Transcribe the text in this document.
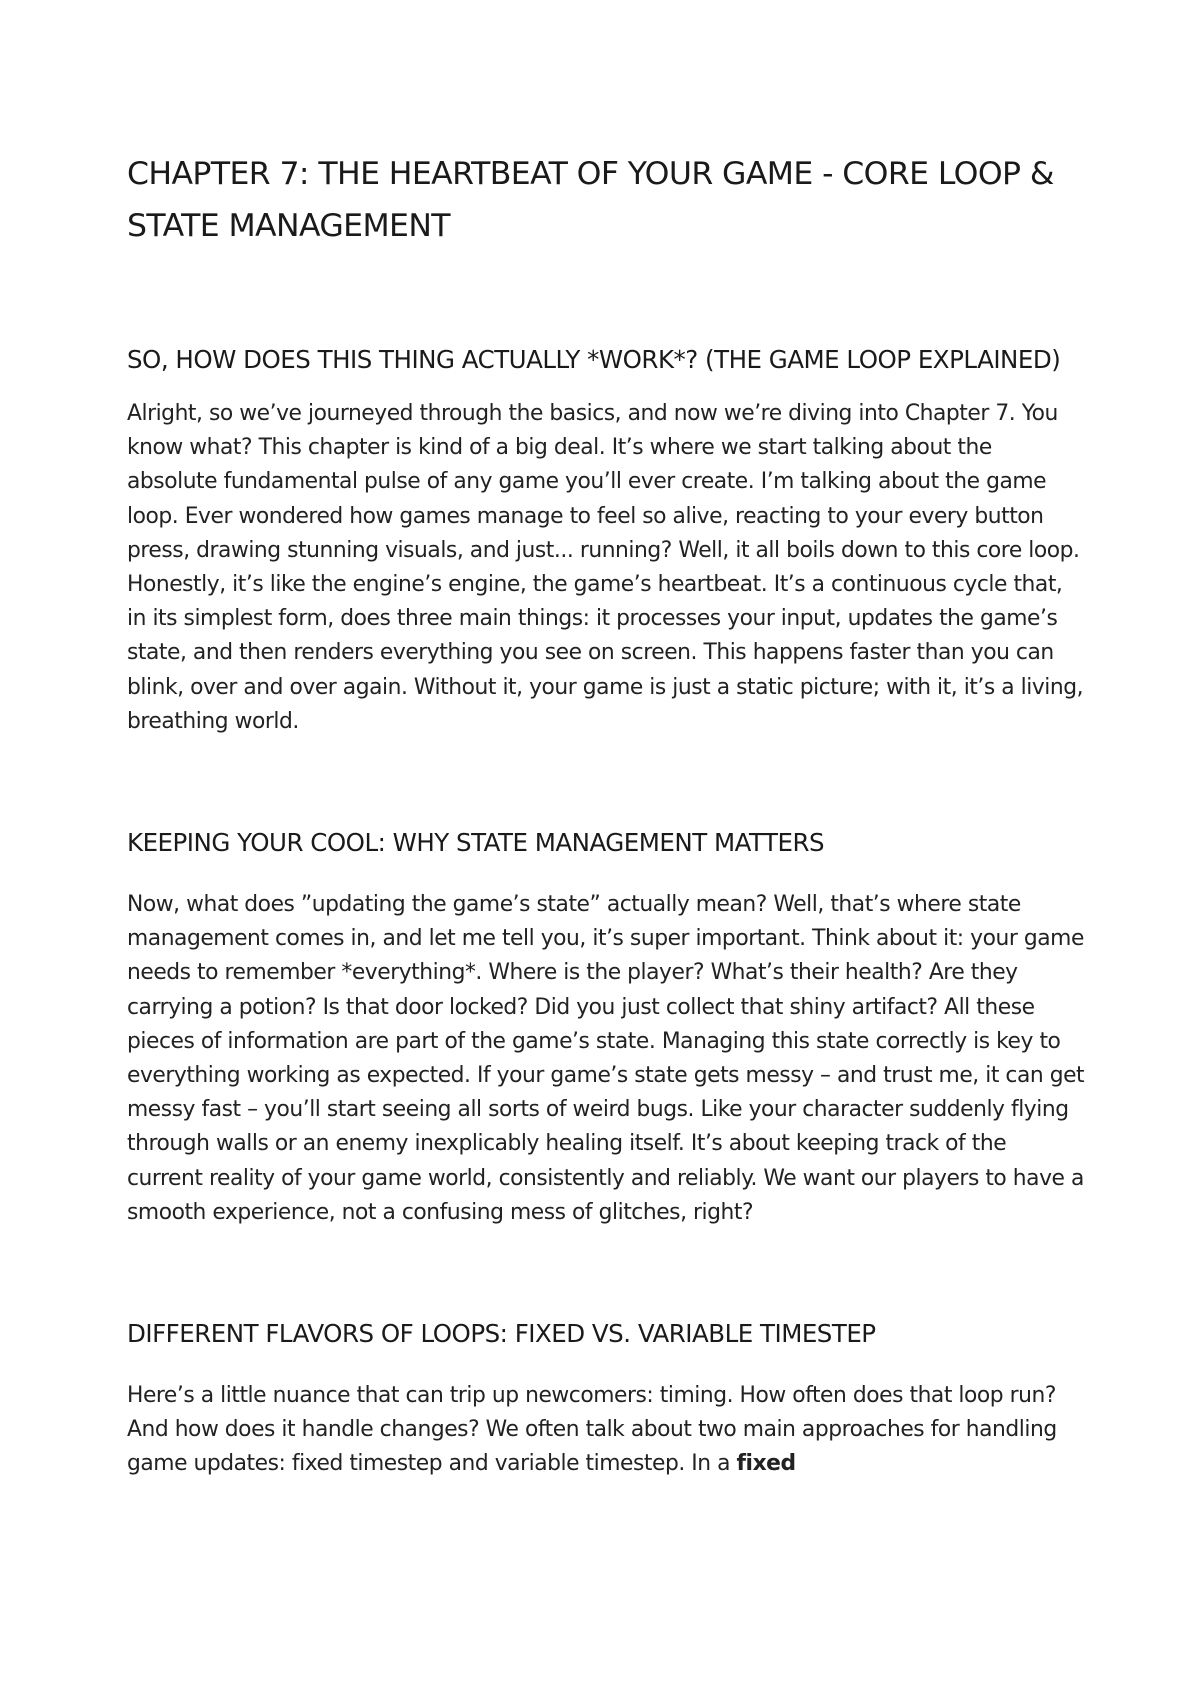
CHAPTER 7: THE HEARTBEAT OF YOUR GAME - CORE LOOP & STATE MANAGEMENT
SO, HOW DOES THIS THING ACTUALLY *WORK*? (THE GAME LOOP EXPLAINED)

Alright, so we’ve journeyed through the basics, and now we’re diving into Chapter 7. You know what? This chapter is kind of a big deal. It’s where we start talking about the absolute fundamental pulse of any game you’ll ever create. I’m talking about the game loop. Ever wondered how games manage to feel so alive, reacting to your every button press, drawing stunning visuals, and just... running? Well, it all boils down to this core loop. Honestly, it’s like the engine’s engine, the game’s heartbeat. It’s a continuous cycle that, in its simplest form, does three main things: it processes your input, updates the game’s state, and then renders everything you see on screen. This happens faster than you can blink, over and over again. Without it, your game is just a static picture; with it, it’s a living, breathing world.

KEEPING YOUR COOL: WHY STATE MANAGEMENT MATTERS

Now, what does ”updating the game’s state” actually mean? Well, that’s where state management comes in, and let me tell you, it’s super important. Think about it: your game needs to remember *everything*. Where is the player? What’s their health? Are they carrying a potion? Is that door locked? Did you just collect that shiny artifact? All these pieces of information are part of the game’s state. Managing this state correctly is key to everything working as expected. If your game’s state gets messy – and trust me, it can get messy fast – you’ll start seeing all sorts of weird bugs. Like your character suddenly flying through walls or an enemy inexplicably healing itself. It’s about keeping track of the current reality of your game world, consistently and reliably. We want our players to have a smooth experience, not a confusing mess of glitches, right?

DIFFERENT FLAVORS OF LOOPS: FIXED VS. VARIABLE TIMESTEP

Here’s a little nuance that can trip up newcomers: timing. How often does that loop run? And how does it handle changes? We often talk about two main approaches for handling game updates: fixed timestep and variable timestep. In a fixed
